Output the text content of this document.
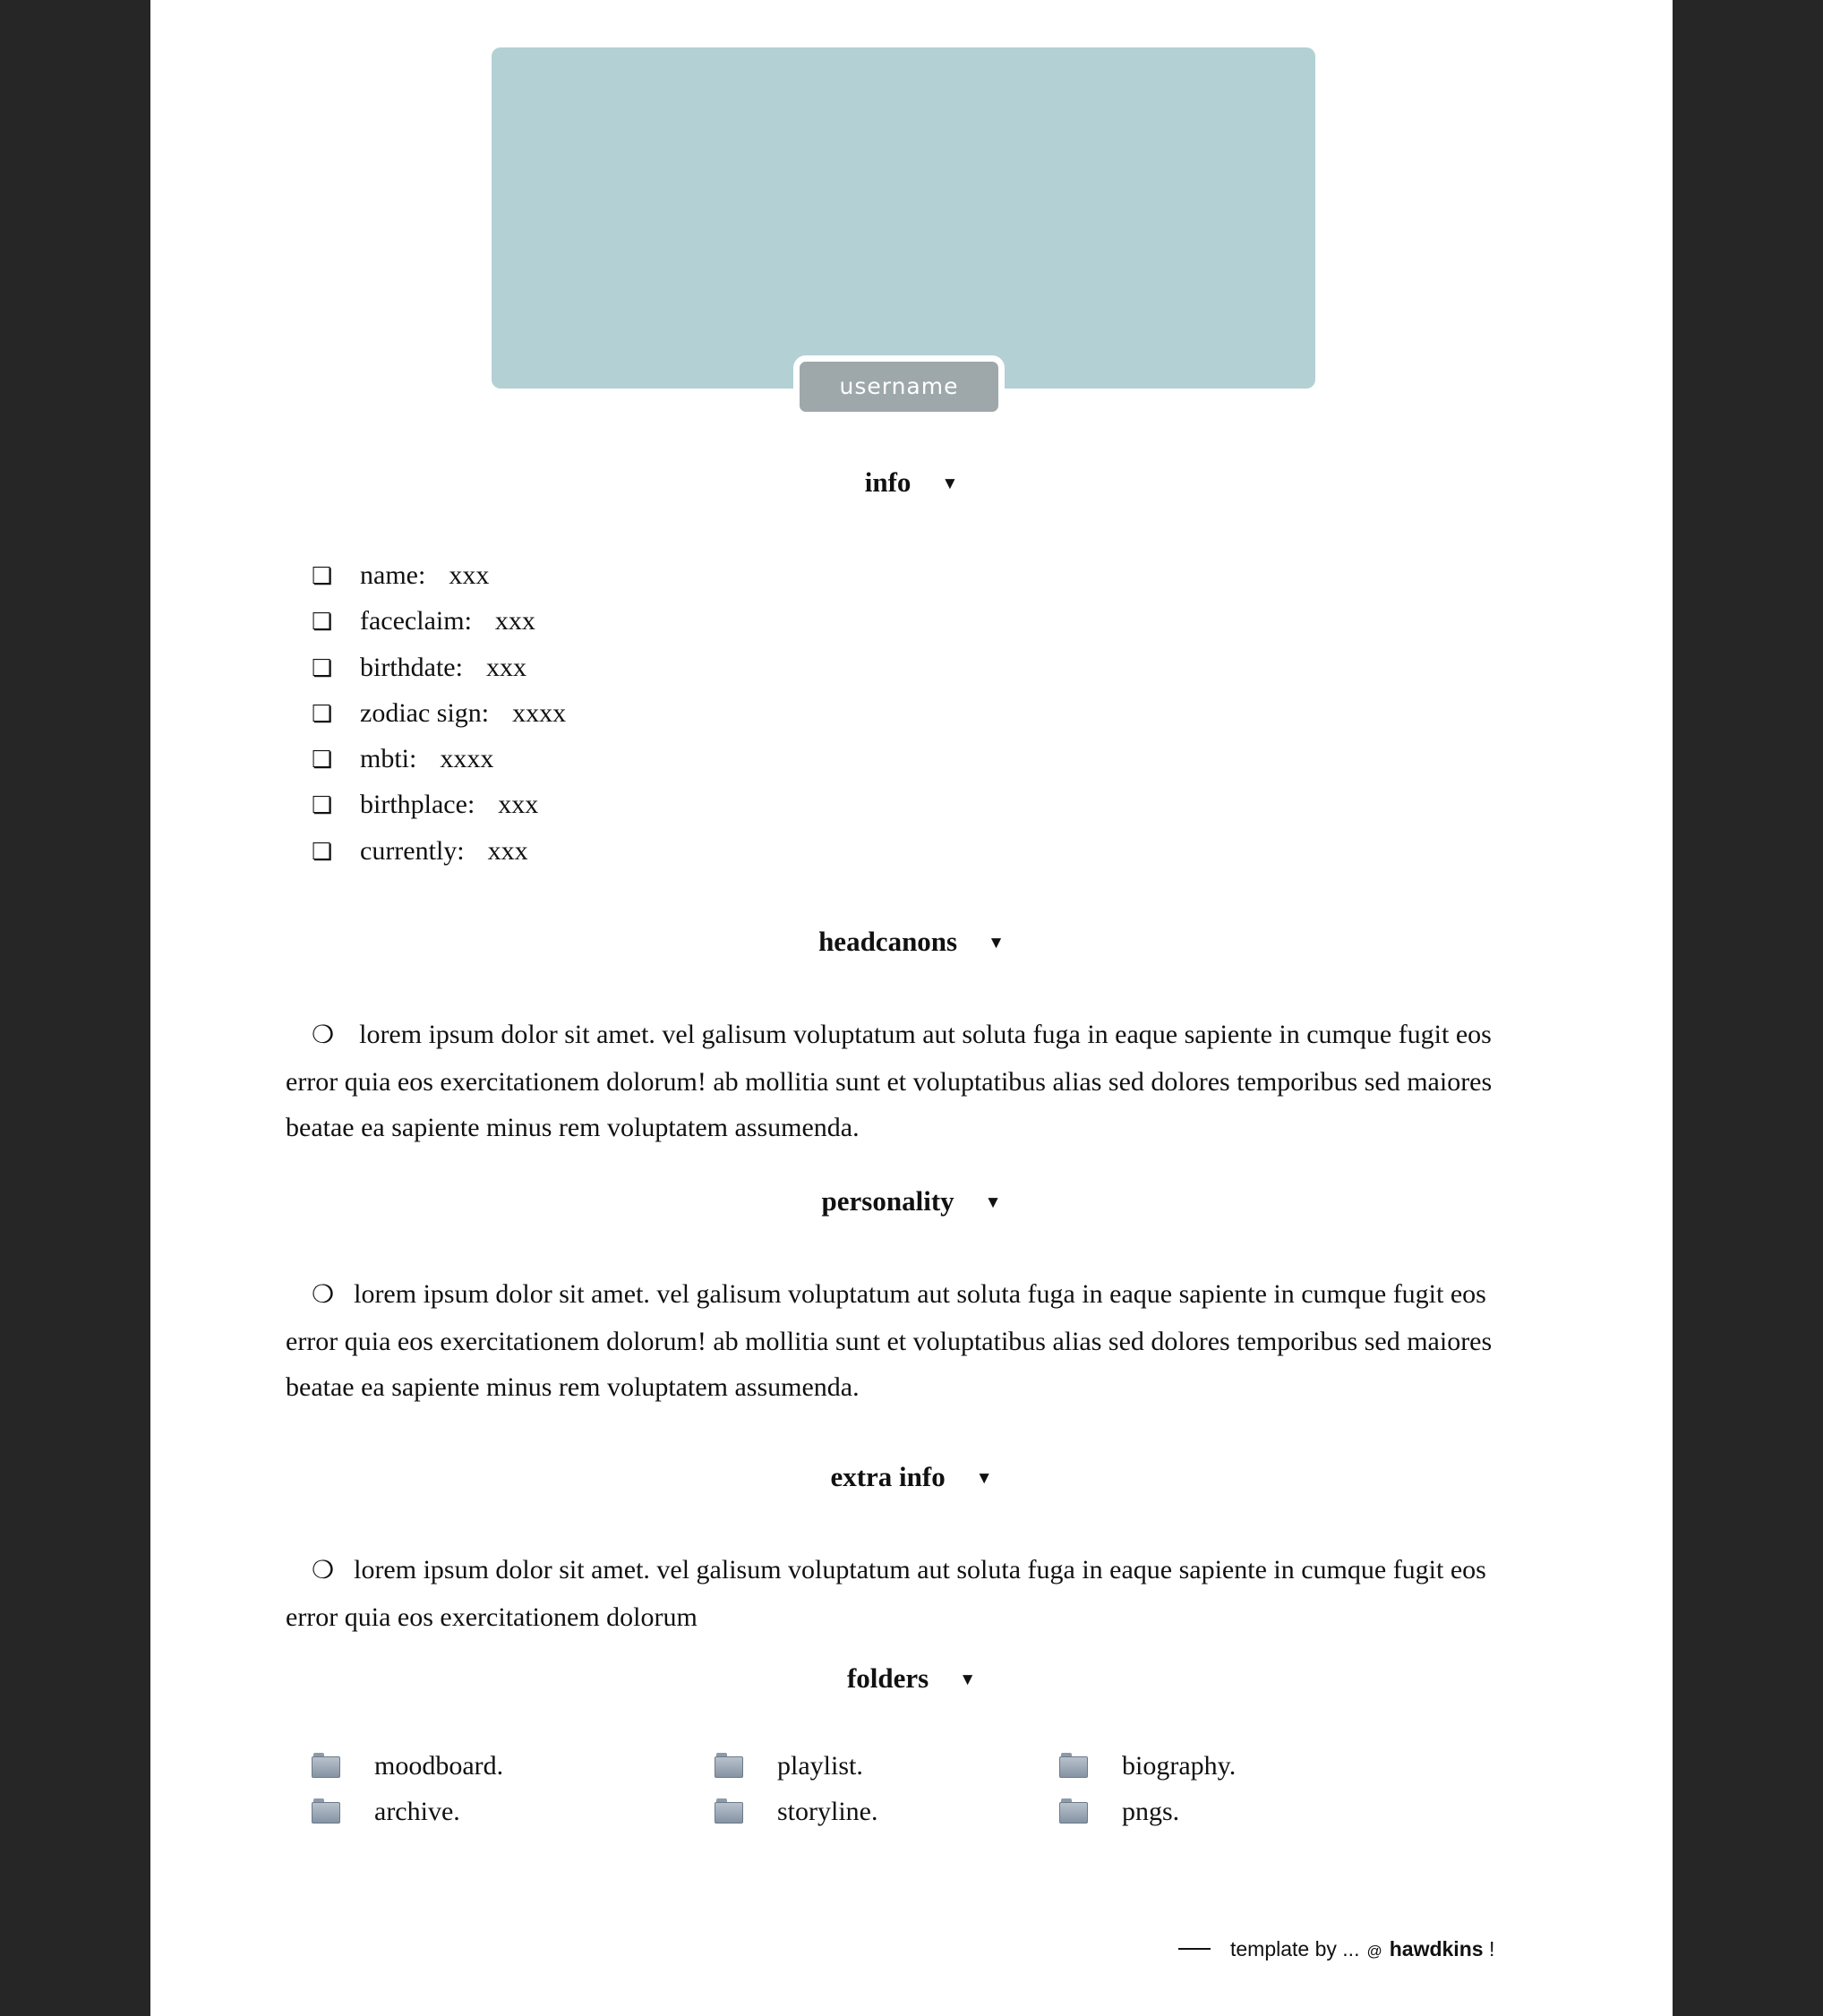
username
info ▼
❏ name: xxx
❏ faceclaim: xxx
❏ birthdate: xxx
❏ zodiac sign: xxxx
❏ mbti: xxxx
❏ birthplace: xxx
❏ currently: xxx
headcanons ▼

❍ lorem ipsum dolor sit amet. vel galisum voluptatum aut soluta fuga in eaque sapiente in cumque fugit eos error quia eos exercitationem dolorum! ab mollitia sunt et voluptatibus alias sed dolores temporibus sed maiores beatae ea sapiente minus rem voluptatem assumenda.

personality ▼

❍ lorem ipsum dolor sit amet. vel galisum voluptatum aut soluta fuga in eaque sapiente in cumque fugit eos error quia eos exercitationem dolorum! ab mollitia sunt et voluptatibus alias sed dolores temporibus sed maiores beatae ea sapiente minus rem voluptatem assumenda.

extra info ▼

❍ lorem ipsum dolor sit amet. vel galisum voluptatum aut soluta fuga in eaque sapiente in cumque fugit eos error quia eos exercitationem dolorum

folders ▼
moodboard.	playlist.	biography.
archive.	storyline.	pngs.
template by ... @ hawdkins !
